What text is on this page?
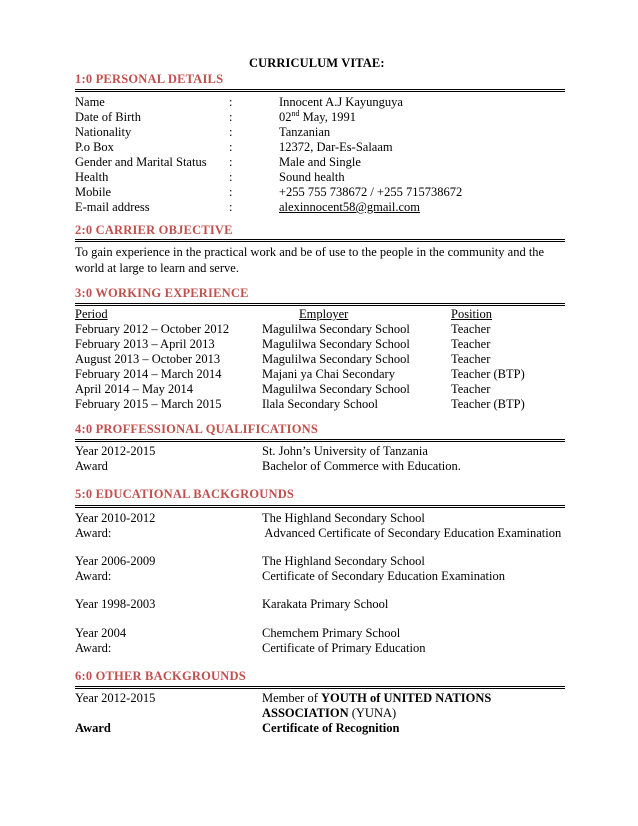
CURRICULUM VITAE:
1:0 PERSONAL DETAILS
Name	:	Innocent A.J Kayunguya
Date of Birth	:	02nd May, 1991
Nationality	:	Tanzanian
P.o Box	:	12372, Dar-Es-Salaam
Gender and Marital Status :	Male and Single
Health	:	Sound health
Mobile	:	+255 755 738672 / +255 715738672
E-mail address	:	alexinnocent58@gmail.com
2:0 CARRIER OBJECTIVE
To gain experience in the practical work and be of use to the people in the community and the
world at large to learn and serve.
3:0 WORKING EXPERIENCE
Period	Employer	Position
February 2012 – October 2012	Magulilwa Secondary School	Teacher
February 2013 – April 2013	Magulilwa Secondary School	Teacher
August 2013 – October 2013	Magulilwa Secondary School	Teacher
February 2014 – March 2014	Majani ya Chai Secondary	Teacher (BTP)
April 2014 – May 2014	Magulilwa Secondary School	Teacher
February 2015 – March 2015	Ilala Secondary School	Teacher (BTP)
4:0 PROFFESSIONAL QUALIFICATIONS
Year 2012-2015	St. John’s University of Tanzania
Award	Bachelor of Commerce with Education.
5:0 EDUCATIONAL BACKGROUNDS
Year 2010-2012	The Highland Secondary School
Award:	Advanced Certificate of Secondary Education Examination
Year 2006-2009	The Highland Secondary School
Award:	Certificate of Secondary Education Examination
Year 1998-2003	Karakata Primary School
Year 2004	Chemchem Primary School
Award:	Certificate of Primary Education
6:0 OTHER BACKGROUNDS
Year 2012-2015	Member of YOUTH of UNITED NATIONS
ASSOCIATION (YUNA)
Award	Certificate of Recognition
